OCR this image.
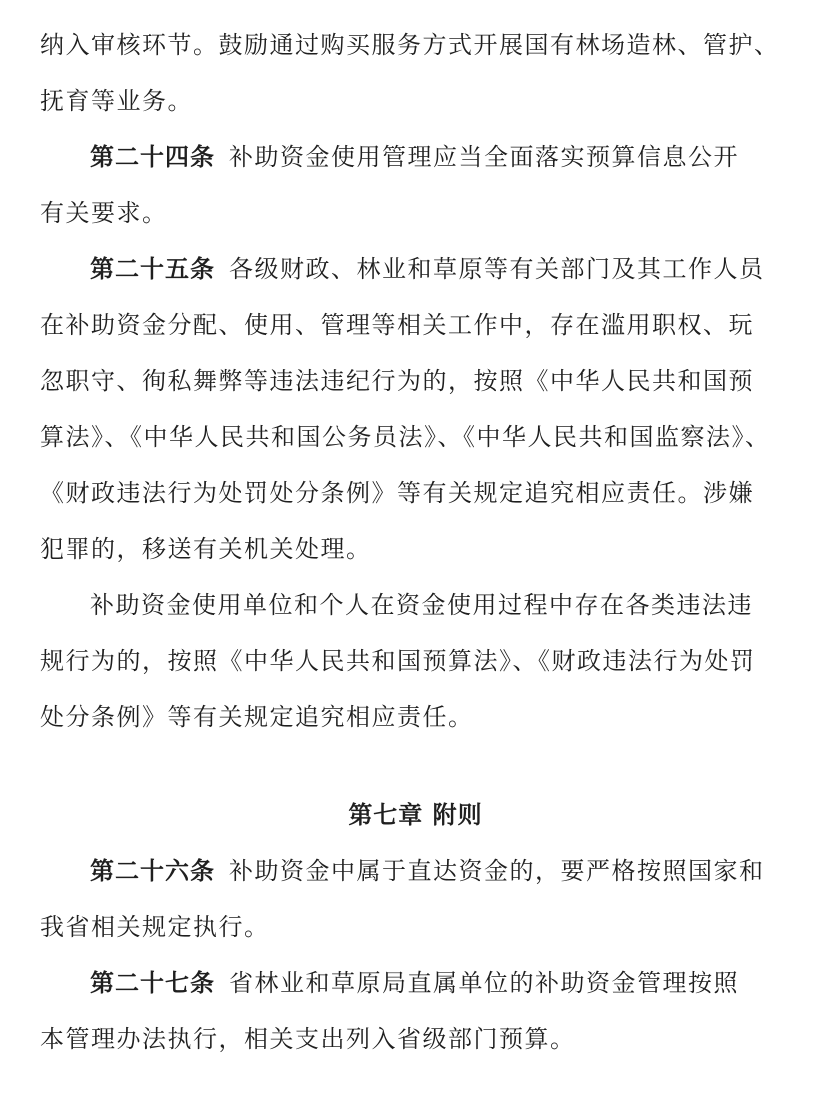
纳入审核环节。鼓励通过购买服务方式开展国有林场造林、管护、
抚育等业务。
第二十四条 补助资金使用管理应当全面落实预算信息公开
有关要求。
第二十五条 各级财政、林业和草原等有关部门及其工作人员
在补助资金分配、使用、管理等相关工作中，存在滥用职权、玩
忽职守、徇私舞弊等违法违纪行为的，按照《中华人民共和国预
算法》、《中华人民共和国公务员法》、《中华人民共和国监察法》、
《财政违法行为处罚处分条例》等有关规定追究相应责任。涉嫌
犯罪的，移送有关机关处理。
补助资金使用单位和个人在资金使用过程中存在各类违法违
规行为的，按照《中华人民共和国预算法》、《财政违法行为处罚
处分条例》等有关规定追究相应责任。
第七章 附则
第二十六条 补助资金中属于直达资金的，要严格按照国家和
我省相关规定执行。
第二十七条 省林业和草原局直属单位的补助资金管理按照
本管理办法执行，相关支出列入省级部门预算。
